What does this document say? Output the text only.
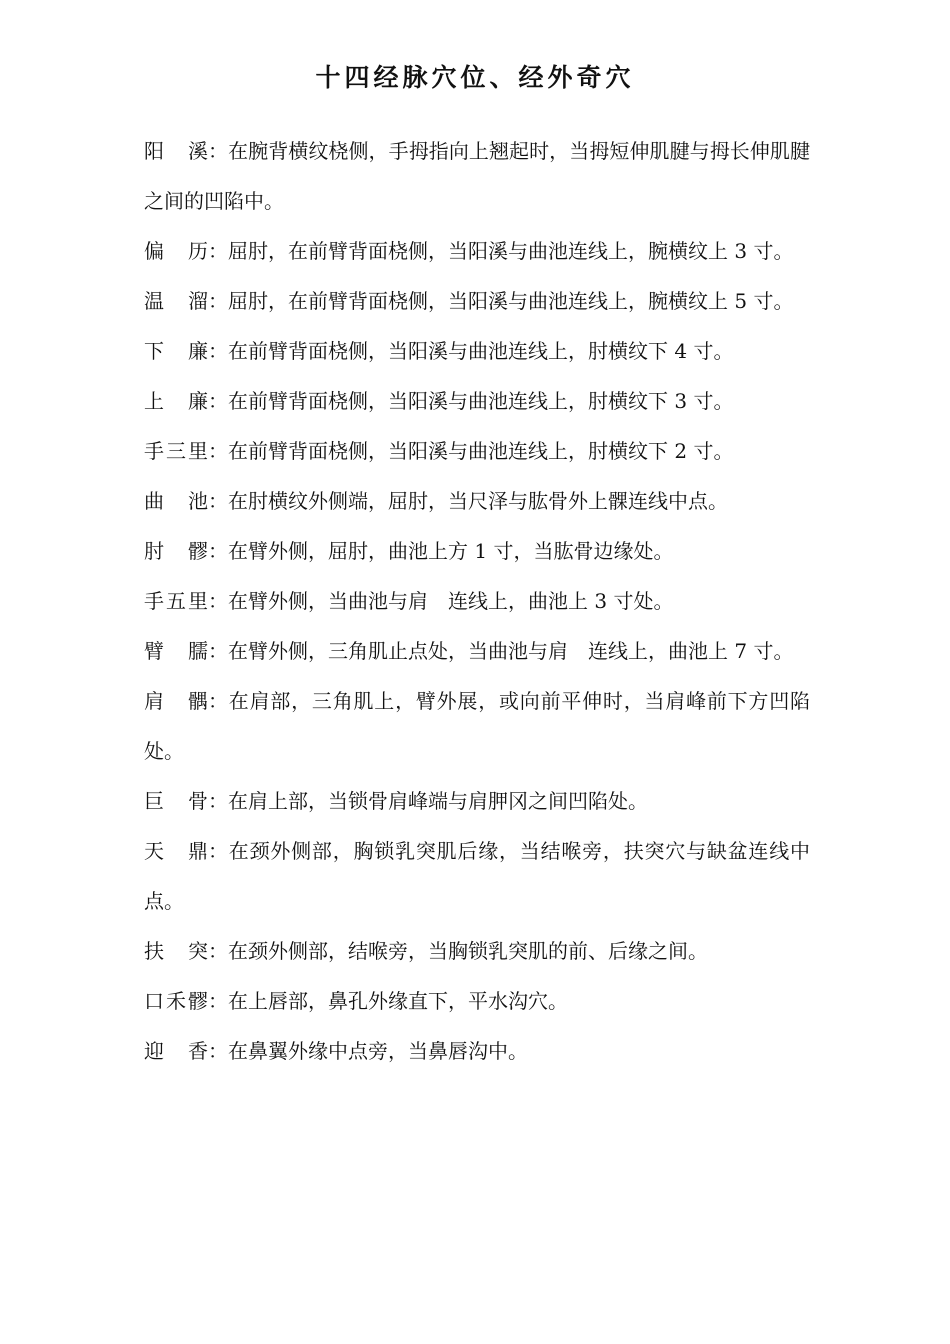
十四经脉穴位、经外奇穴
阳溪：在腕背横纹桡侧，手拇指向上翘起时，当拇短伸肌腱与拇长伸肌腱之间的凹陷中。
偏历：屈肘，在前臂背面桡侧，当阳溪与曲池连线上，腕横纹上 3 寸。
温溜：屈肘，在前臂背面桡侧，当阳溪与曲池连线上，腕横纹上 5 寸。
下廉：在前臂背面桡侧，当阳溪与曲池连线上，肘横纹下 4 寸。
上廉：在前臂背面桡侧，当阳溪与曲池连线上，肘横纹下 3 寸。
手三里：在前臂背面桡侧，当阳溪与曲池连线上，肘横纹下 2 寸。
曲池：在肘横纹外侧端，屈肘，当尺泽与肱骨外上髁连线中点。
肘髎：在臂外侧，屈肘，曲池上方 1 寸，当肱骨边缘处。
手五里：在臂外侧，当曲池与肩　连线上，曲池上 3 寸处。
臂臑：在臂外侧，三角肌止点处，当曲池与肩　连线上，曲池上 7 寸。
肩髃：在肩部，三角肌上，臂外展，或向前平伸时，当肩峰前下方凹陷处。
巨骨：在肩上部，当锁骨肩峰端与肩胛冈之间凹陷处。
天鼎：在颈外侧部，胸锁乳突肌后缘，当结喉旁，扶突穴与缺盆连线中点。
扶突：在颈外侧部，结喉旁，当胸锁乳突肌的前、后缘之间。
口禾髎：在上唇部，鼻孔外缘直下，平水沟穴。
迎香：在鼻翼外缘中点旁，当鼻唇沟中。
